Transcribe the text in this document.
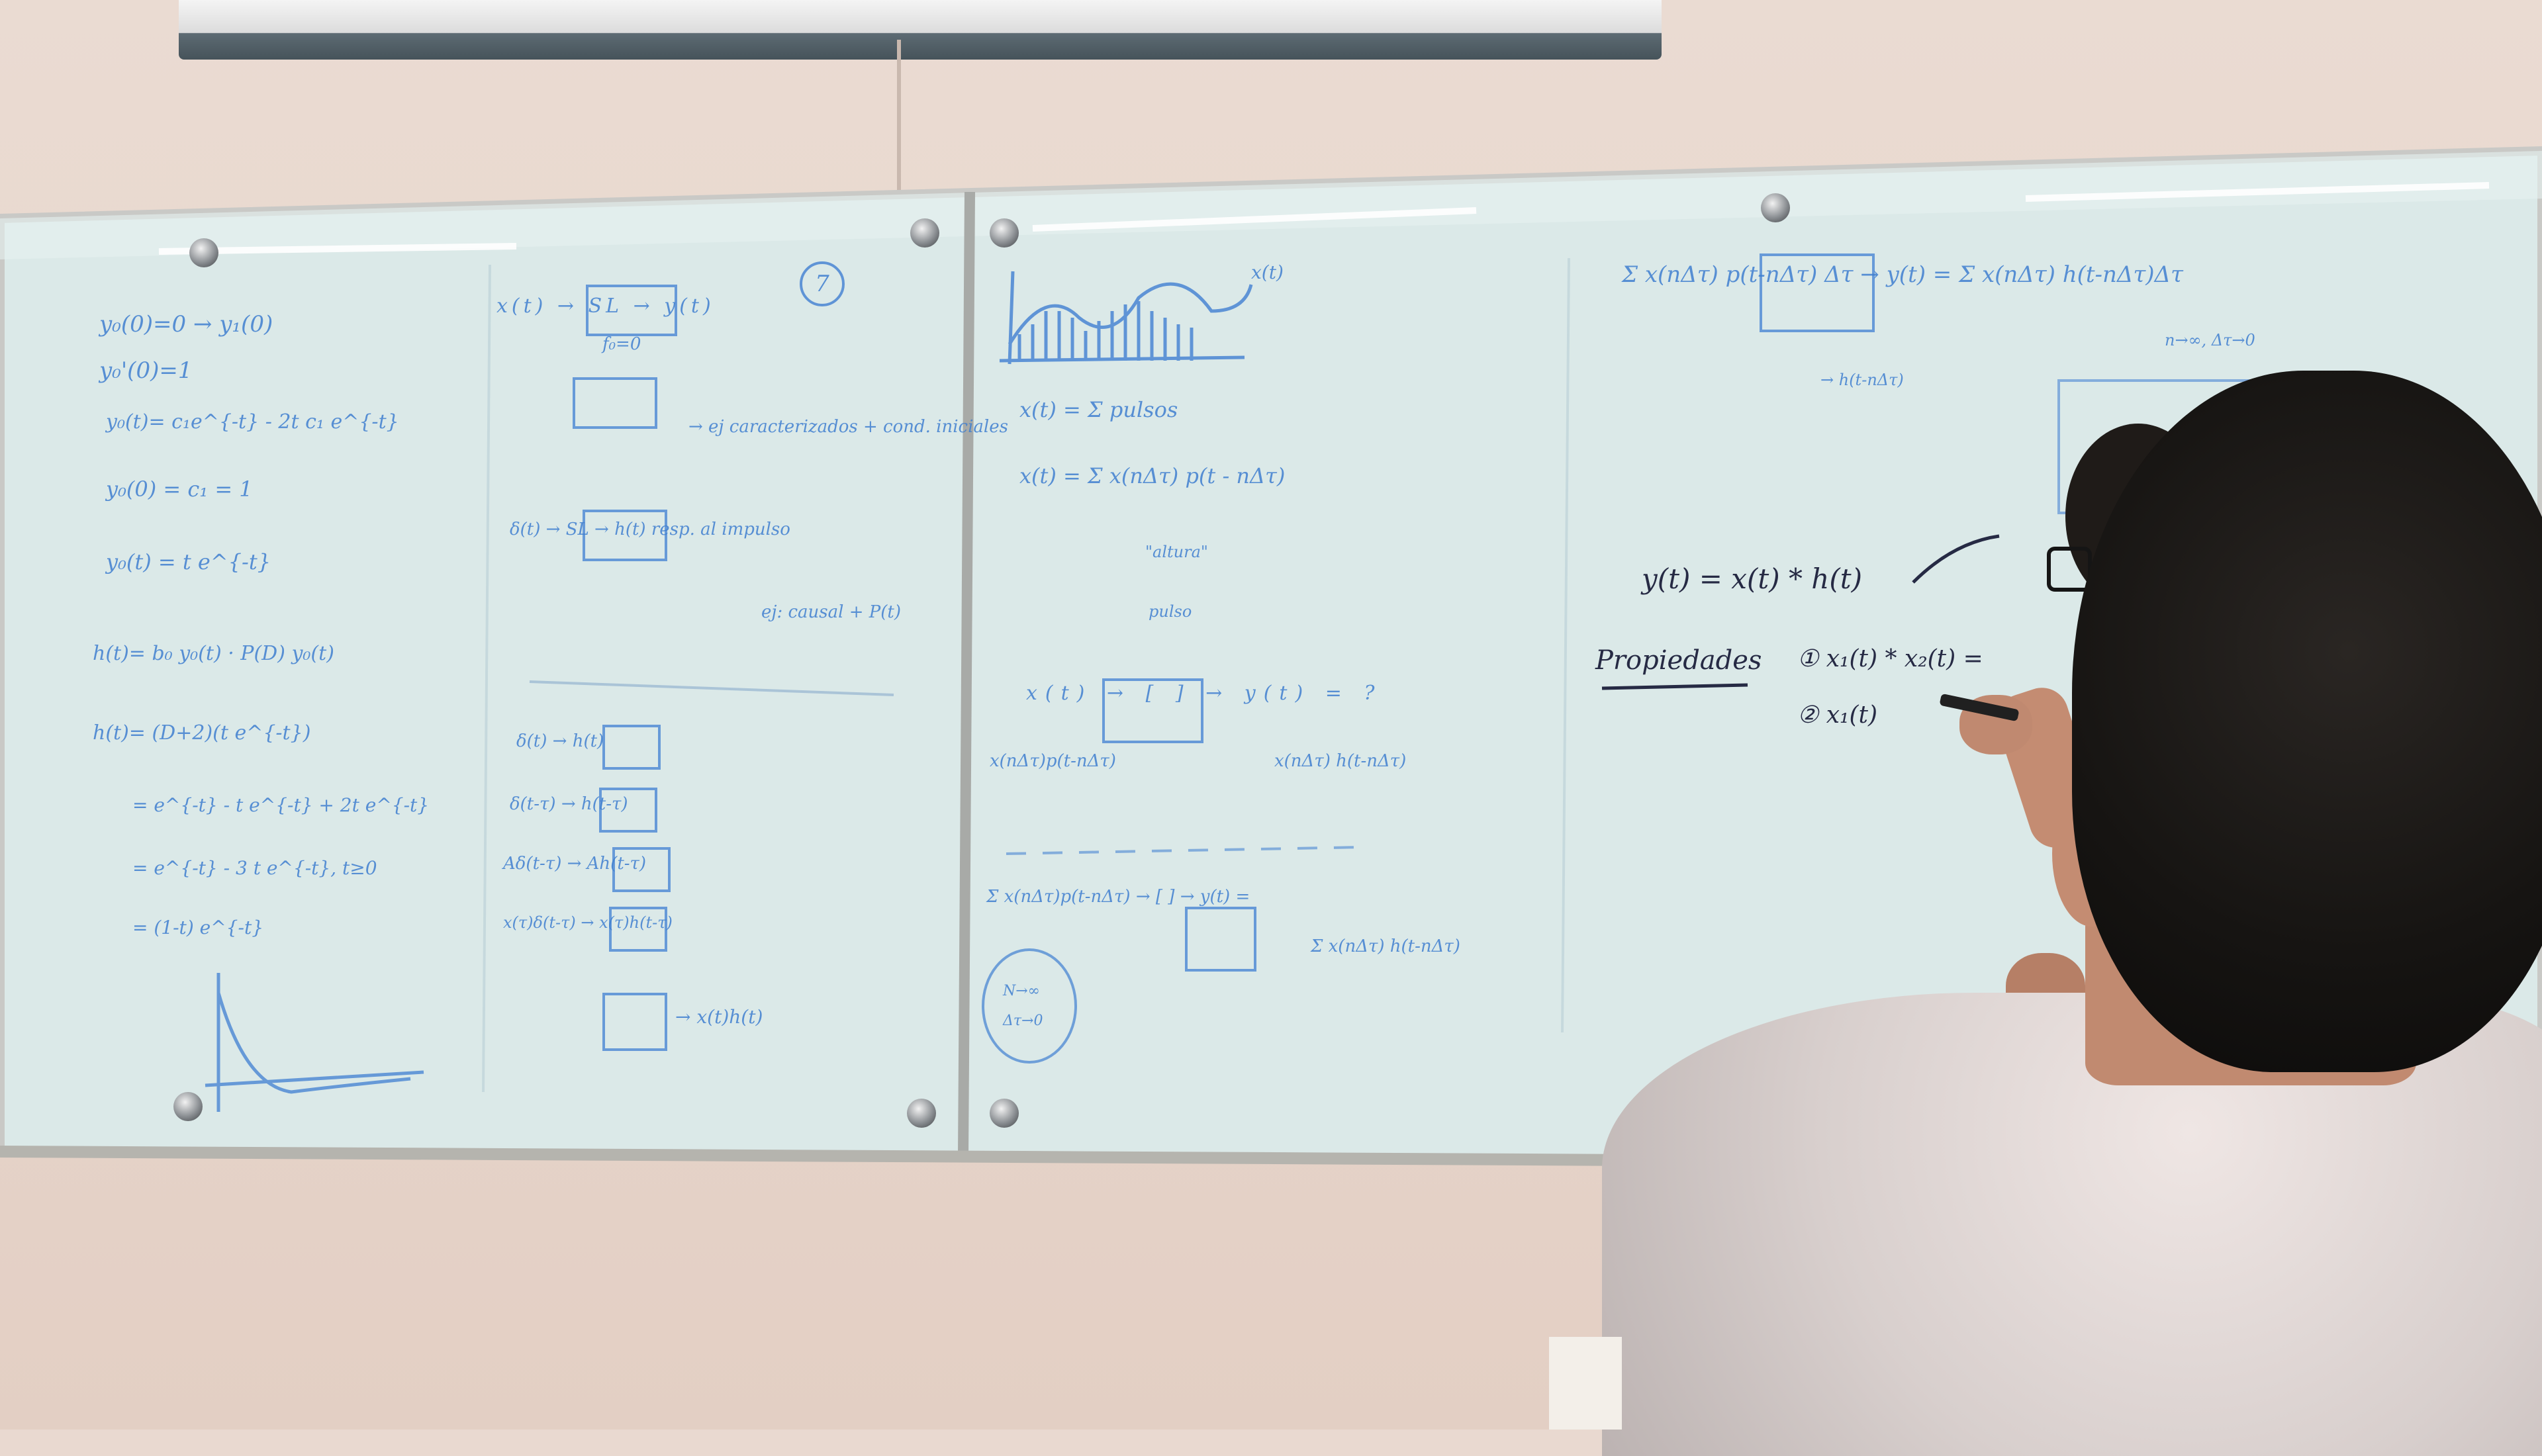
y₀(0)=0 → y₁(0)
y₀'(0)=1
y₀(t)= c₁e^{-t} - 2t c₁ e^{-t}
y₀(0) = c₁ = 1
y₀(t) = t e^{-t}
h(t)= b₀ y₀(t) · P(D) y₀(t)
h(t)= (D+2)(t e^{-t})
= e^{-t} - t e^{-t} + 2t e^{-t}
= e^{-t} - 3 t e^{-t}, t≥0
= (1-t) e^{-t}
7
x(t) → SL → y(t)
f₀=0
→ ej caracterizados + cond. iniciales
δ(t) → SL → h(t) resp. al impulso
ej: causal + P(t)
δ(t) → h(t)
δ(t-τ) → h(t-τ)
Aδ(t-τ) → Ah(t-τ)
x(τ)δ(t-τ) → x(τ)h(t-τ)
→ x(t)h(t)
x(t)
x(t) = Σ pulsos
x(t) = Σ x(nΔτ) p(t - nΔτ)
"altura"
pulso
x(t) → [ ] → y(t) = ?
x(nΔτ)p(t-nΔτ)	x(nΔτ) h(t-nΔτ)
Σ x(nΔτ)p(t-nΔτ) → [ ] → y(t) =
Σ x(nΔτ) h(t-nΔτ)
N→∞
Δτ→0
Σ x(nΔτ) p(t-nΔτ) Δτ → y(t) = Σ x(nΔτ) h(t-nΔτ)Δτ
→ h(t-nΔτ)
n→∞, Δτ→0
y(t) = x(t) * h(t)
Propiedades ① x₁(t) * x₂(t) =
② x₁(t)
